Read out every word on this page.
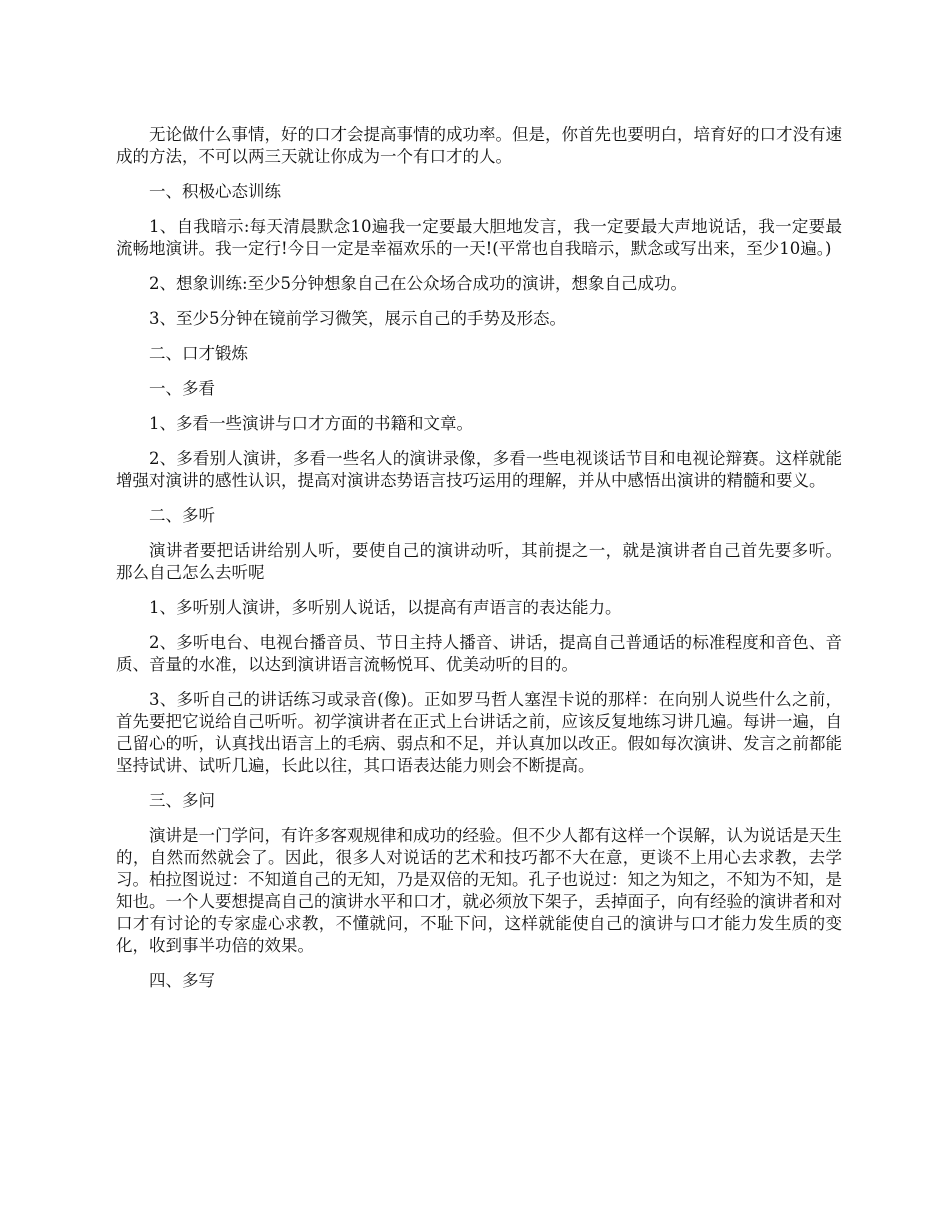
无论做什么事情，好的口才会提高事情的成功率。但是，你首先也要明白，培育好的口才没有速成的方法，不可以两三天就让你成为一个有口才的人。

一、积极心态训练

1、自我暗示:每天清晨默念10遍我一定要最大胆地发言，我一定要最大声地说话，我一定要最流畅地演讲。我一定行!今日一定是幸福欢乐的一天!(平常也自我暗示，默念或写出来，至少10遍。)

2、想象训练:至少5分钟想象自己在公众场合成功的演讲，想象自己成功。

3、至少5分钟在镜前学习微笑，展示自己的手势及形态。

二、口才锻炼

一、多看

1、多看一些演讲与口才方面的书籍和文章。

2、多看别人演讲，多看一些名人的演讲录像，多看一些电视谈话节目和电视论辩赛。这样就能增强对演讲的感性认识，提高对演讲态势语言技巧运用的理解，并从中感悟出演讲的精髓和要义。

二、多听

演讲者要把话讲给别人听，要使自己的演讲动听，其前提之一，就是演讲者自己首先要多听。 那么自己怎么去听呢

1、多听别人演讲，多听别人说话，以提高有声语言的表达能力。

2、多听电台、电视台播音员、节日主持人播音、讲话，提高自己普通话的标准程度和音色、音质、音量的水准，以达到演讲语言流畅悦耳、优美动听的目的。

3、多听自己的讲话练习或录音(像)。正如罗马哲人塞涅卡说的那样：在向别人说些什么之前，首先要把它说给自己听听。初学演讲者在正式上台讲话之前，应该反复地练习讲几遍。每讲一遍，自己留心的听，认真找出语言上的毛病、弱点和不足，并认真加以改正。假如每次演讲、发言之前都能坚持试讲、试听几遍，长此以往，其口语表达能力则会不断提高。

三、多问

演讲是一门学问，有许多客观规律和成功的经验。但不少人都有这样一个误解，认为说话是天生的，自然而然就会了。因此，很多人对说话的艺术和技巧都不大在意，更谈不上用心去求教，去学习。柏拉图说过：不知道自己的无知，乃是双倍的无知。孔子也说过：知之为知之，不知为不知，是知也。一个人要想提高自己的演讲水平和口才，就必须放下架子，丢掉面子，向有经验的演讲者和对口才有讨论的专家虚心求教，不懂就问，不耻下问，这样就能使自己的演讲与口才能力发生质的变化，收到事半功倍的效果。

四、多写
